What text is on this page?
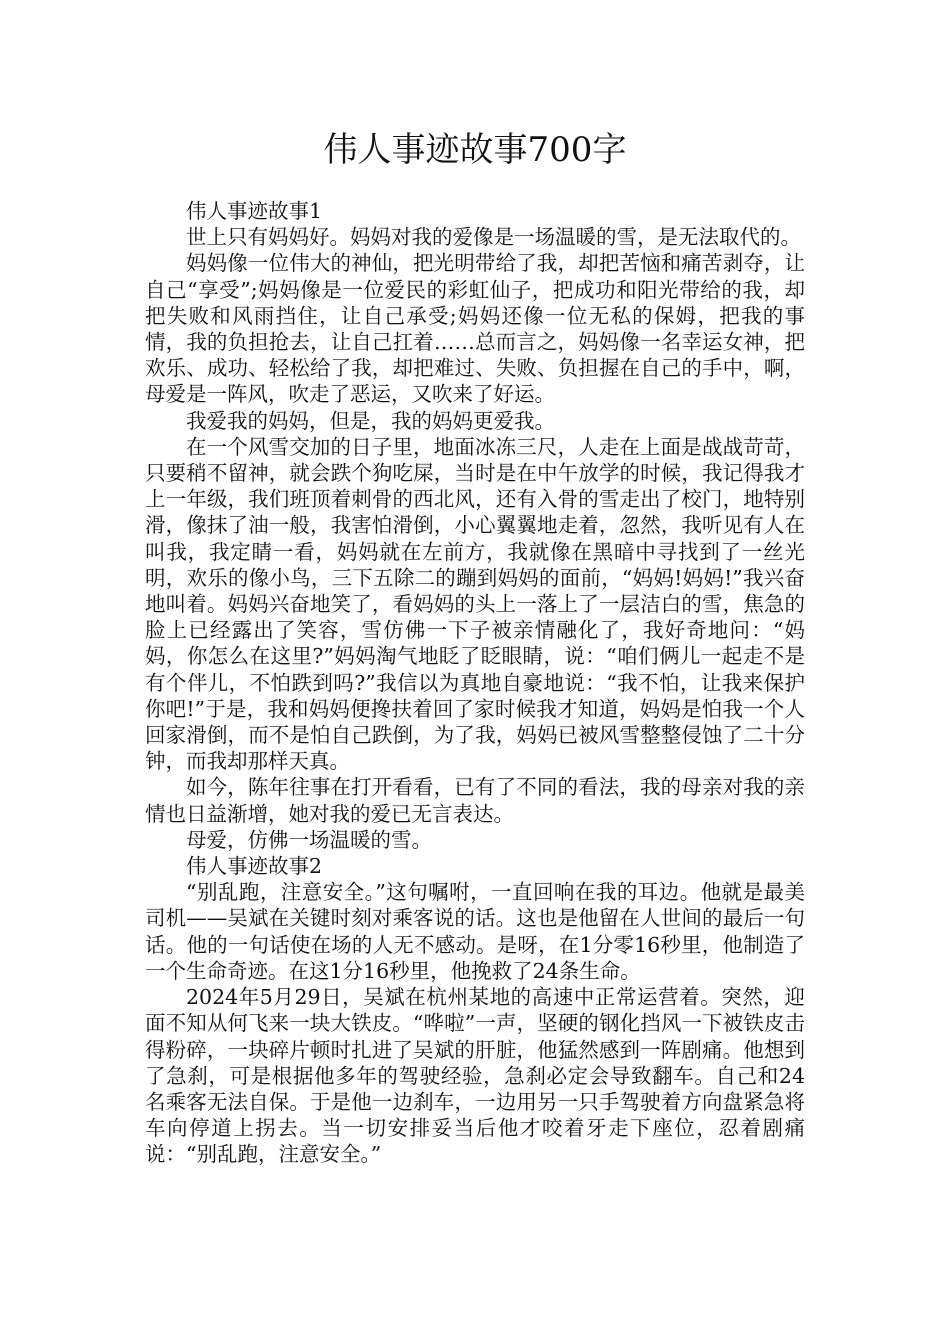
伟人事迹故事700字

伟人事迹故事1

世上只有妈妈好。妈妈对我的爱像是一场温暖的雪，是无法取代的。

妈妈像一位伟大的神仙，把光明带给了我，却把苦恼和痛苦剥夺，让自己“享受”;妈妈像是一位爱民的彩虹仙子，把成功和阳光带给的我，却把失败和风雨挡住，让自己承受;妈妈还像一位无私的保姆，把我的事情，我的负担抢去，让自己扛着……总而言之，妈妈像一名幸运女神，把欢乐、成功、轻松给了我，却把难过、失败、负担握在自己的手中，啊，母爱是一阵风，吹走了恶运，又吹来了好运。

我爱我的妈妈，但是，我的妈妈更爱我。

在一个风雪交加的日子里，地面冰冻三尺，人走在上面是战战苛苛，只要稍不留神，就会跌个狗吃屎，当时是在中午放学的时候，我记得我才上一年级，我们班顶着刺骨的西北风，还有入骨的雪走出了校门，地特别滑，像抹了油一般，我害怕滑倒，小心翼翼地走着，忽然，我听见有人在叫我，我定睛一看，妈妈就在左前方，我就像在黑暗中寻找到了一丝光明，欢乐的像小鸟，三下五除二的蹦到妈妈的面前，“妈妈!妈妈!”我兴奋地叫着。妈妈兴奋地笑了，看妈妈的头上一落上了一层洁白的雪，焦急的脸上已经露出了笑容，雪仿佛一下子被亲情融化了，我好奇地问：“妈妈，你怎么在这里?”妈妈淘气地眨了眨眼睛，说：“咱们俩儿一起走不是有个伴儿，不怕跌到吗?”我信以为真地自豪地说：“我不怕，让我来保护你吧!”于是，我和妈妈便搀扶着回了家时候我才知道，妈妈是怕我一个人回家滑倒，而不是怕自己跌倒，为了我，妈妈已被风雪整整侵蚀了二十分钟，而我却那样天真。

如今，陈年往事在打开看看，已有了不同的看法，我的母亲对我的亲情也日益渐增，她对我的爱已无言表达。

母爱，仿佛一场温暖的雪。

伟人事迹故事2

“别乱跑，注意安全。”这句嘱咐，一直回响在我的耳边。他就是最美司机——吴斌在关键时刻对乘客说的话。这也是他留在人世间的最后一句话。他的一句话使在场的人无不感动。是呀，在1分零16秒里，他制造了一个生命奇迹。在这1分16秒里，他挽救了24条生命。

2024年5月29日，吴斌在杭州某地的高速中正常运营着。突然，迎面不知从何飞来一块大铁皮。“哗啦”一声，坚硬的钢化挡风一下被铁皮击得粉碎，一块碎片顿时扎进了吴斌的肝脏，他猛然感到一阵剧痛。他想到了急刹，可是根据他多年的驾驶经验，急刹必定会导致翻车。自己和24名乘客无法自保。于是他一边刹车，一边用另一只手驾驶着方向盘紧急将车向停道上拐去。当一切安排妥当后他才咬着牙走下座位，忍着剧痛说：“别乱跑，注意安全。”
